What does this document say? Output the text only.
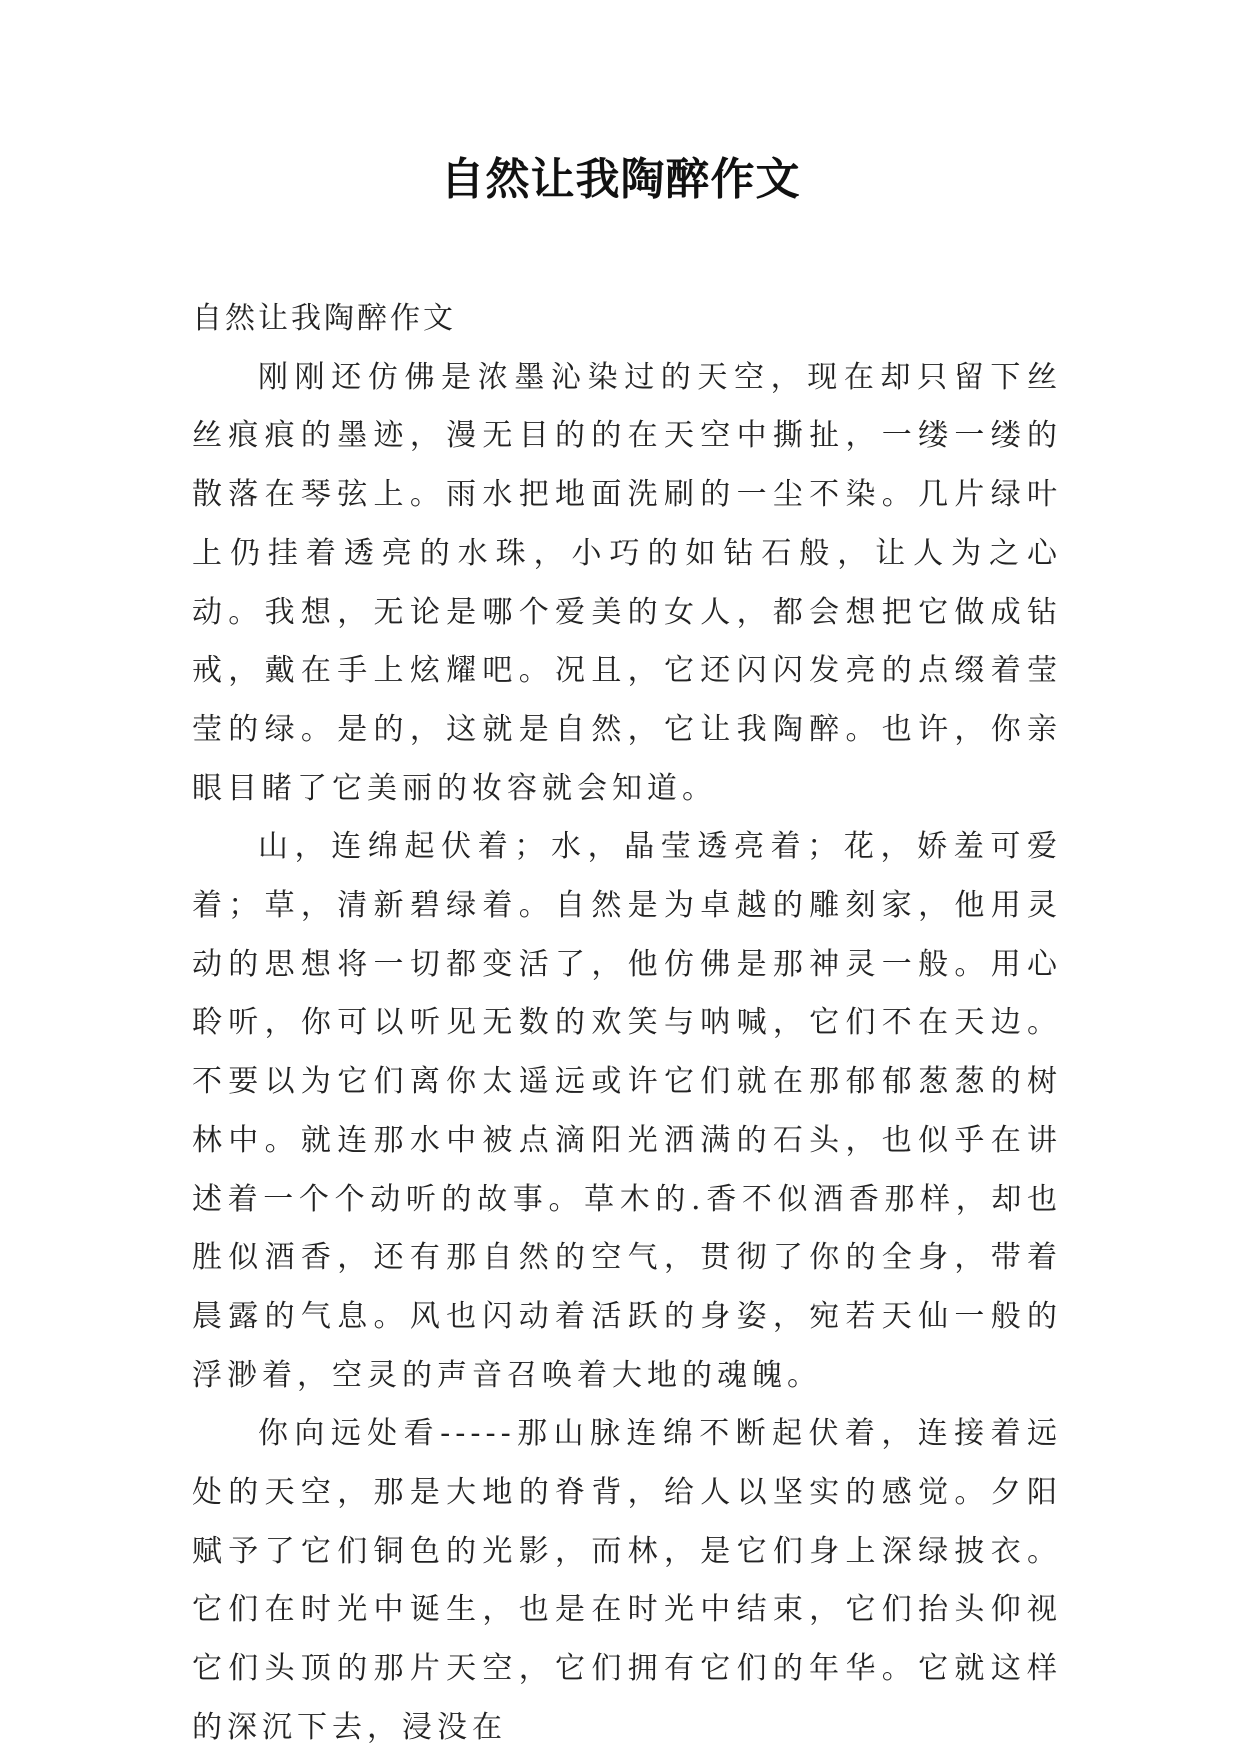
自然让我陶醉作文

自然让我陶醉作文

刚刚还仿佛是浓墨沁染过的天空，现在却只留下丝丝痕痕的墨迹，漫无目的的在天空中撕扯，一缕一缕的散落在琴弦上。雨水把地面洗刷的一尘不染。几片绿叶上仍挂着透亮的水珠，小巧的如钻石般，让人为之心动。我想，无论是哪个爱美的女人，都会想把它做成钻戒，戴在手上炫耀吧。况且，它还闪闪发亮的点缀着莹莹的绿。是的，这就是自然，它让我陶醉。也许，你亲眼目睹了它美丽的妆容就会知道。

山，连绵起伏着；水，晶莹透亮着；花，娇羞可爱着；草，清新碧绿着。自然是为卓越的雕刻家，他用灵动的思想将一切都变活了，他仿佛是那神灵一般。用心聆听，你可以听见无数的欢笑与呐喊，它们不在天边。不要以为它们离你太遥远或许它们就在那郁郁葱葱的树林中。就连那水中被点滴阳光洒满的石头，也似乎在讲述着一个个动听的故事。草木的.香不似酒香那样，却也胜似酒香，还有那自然的空气，贯彻了你的全身，带着晨露的气息。风也闪动着活跃的身姿，宛若天仙一般的浮渺着，空灵的声音召唤着大地的魂魄。

你向远处看-----那山脉连绵不断起伏着，连接着远处的天空，那是大地的脊背，给人以坚实的感觉。夕阳赋予了它们铜色的光影，而林，是它们身上深绿披衣。它们在时光中诞生，也是在时光中结束，它们抬头仰视它们头顶的那片天空，它们拥有它们的年华。它就这样的深沉下去，浸没在
